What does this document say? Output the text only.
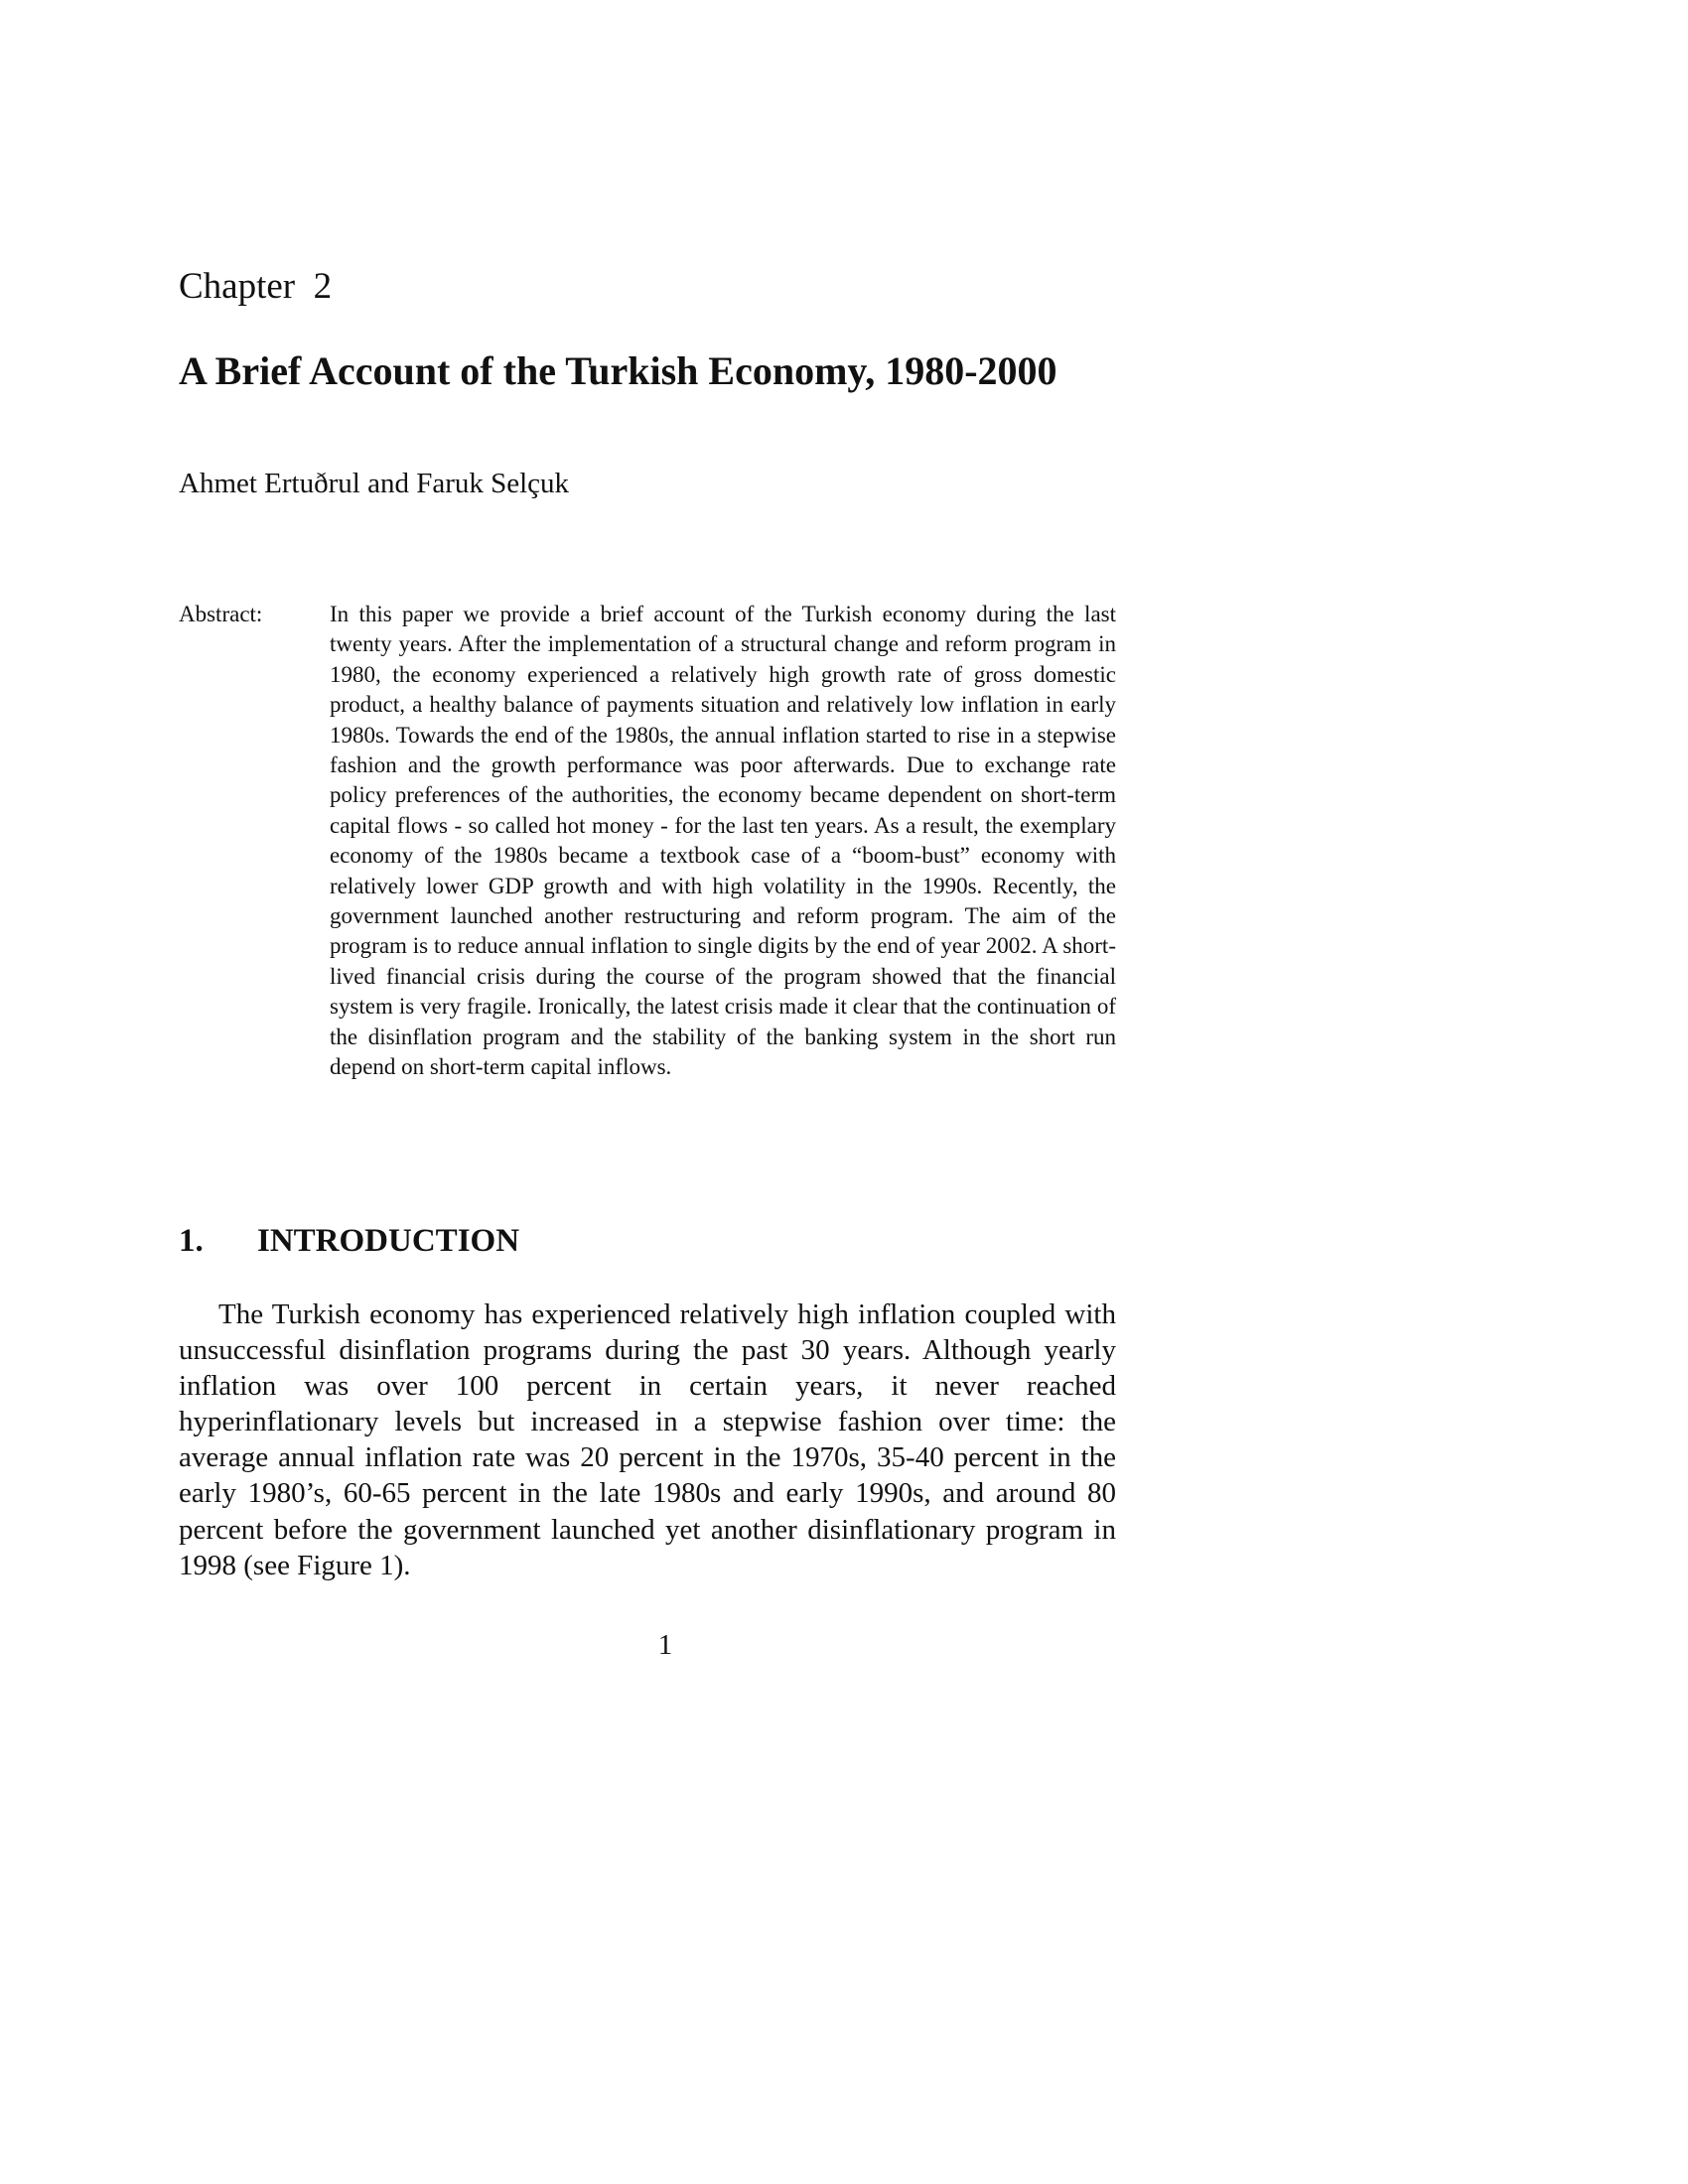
Chapter  2
A Brief Account of the Turkish Economy, 1980-2000
Ahmet Ertuðrul and Faruk Selçuk
Abstract:	In this paper we provide a brief account of the Turkish economy during the last twenty years. After the implementation of a structural change and reform program in 1980, the economy experienced a relatively high growth rate of gross domestic product, a healthy balance of payments situation and relatively low inflation in early 1980s. Towards the end of the 1980s, the annual inflation started to rise in a stepwise fashion and the growth performance was poor afterwards. Due to exchange rate policy preferences of the authorities, the economy became dependent on short-term capital flows - so called hot money - for the last ten years. As a result, the exemplary economy of the 1980s became a textbook case of a “boom-bust” economy with relatively lower GDP growth and with high volatility in the 1990s. Recently, the government launched another restructuring and reform program. The aim of the program is to reduce annual inflation to single digits by the end of year 2002. A short-lived financial crisis during the course of the program showed that the financial system is very fragile. Ironically, the latest crisis made it clear that the continuation of the disinflation program and the stability of the banking system in the short run depend on short-term capital inflows.

1. INTRODUCTION

The Turkish economy has experienced relatively high inflation coupled with unsuccessful disinflation programs during the past 30 years. Although yearly inflation was over 100 percent in certain years, it never reached hyperinflationary levels but increased in a stepwise fashion over time: the average annual inflation rate was 20 percent in the 1970s, 35-40 percent in the early 1980’s, 60-65 percent in the late 1980s and early 1990s, and around 80 percent before the government launched yet another disinflationary program in 1998 (see Figure 1).

1
